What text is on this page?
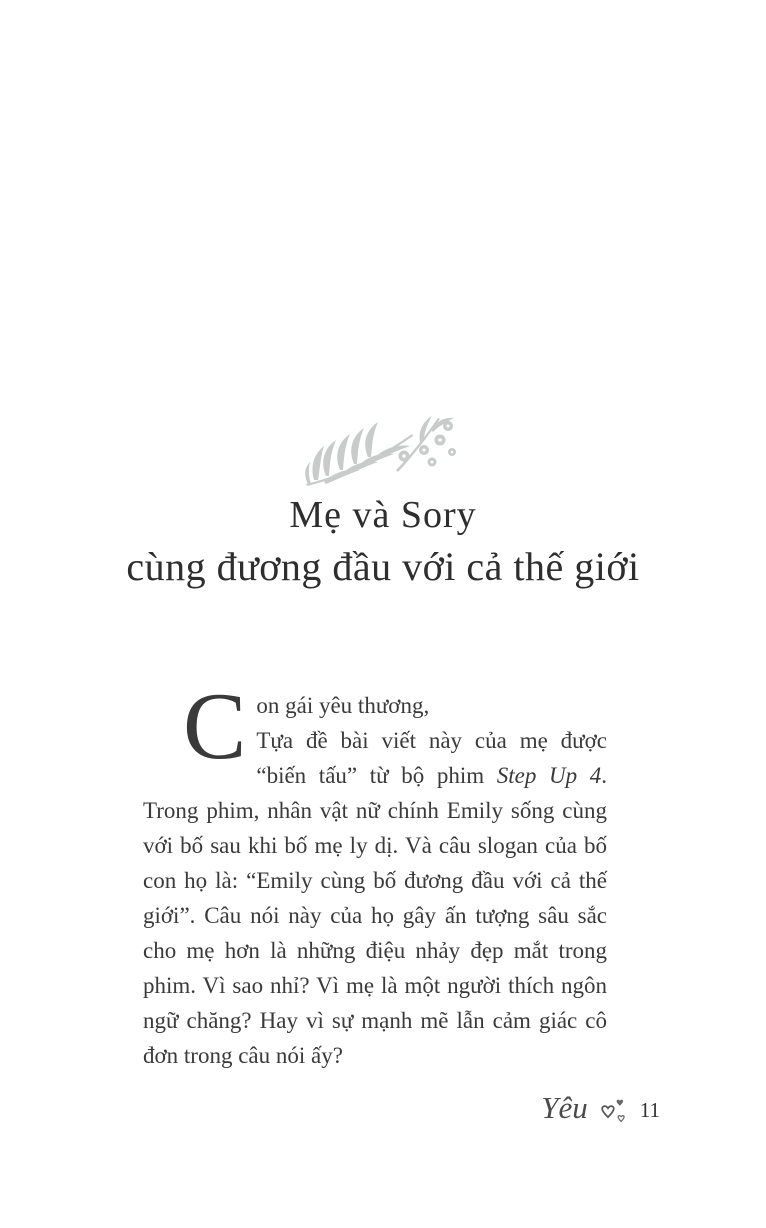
Mẹ và Sory
cùng đương đầu với cả thế giới

C on gái yêu thương,
Tựa đề bài viết này của mẹ được “biến tấu” từ bộ phim Step Up 4. Trong phim, nhân vật nữ chính Emily sống cùng với bố sau khi bố mẹ ly dị. Và câu slogan của bố con họ là: “Emily cùng bố đương đầu với cả thế giới”. Câu nói này của họ gây ấn tượng sâu sắc cho mẹ hơn là những điệu nhảy đẹp mắt trong phim. Vì sao nhỉ? Vì mẹ là một người thích ngôn ngữ chăng? Hay vì sự mạnh mẽ lẫn cảm giác cô đơn trong câu nói ấy?

Yêu 11
